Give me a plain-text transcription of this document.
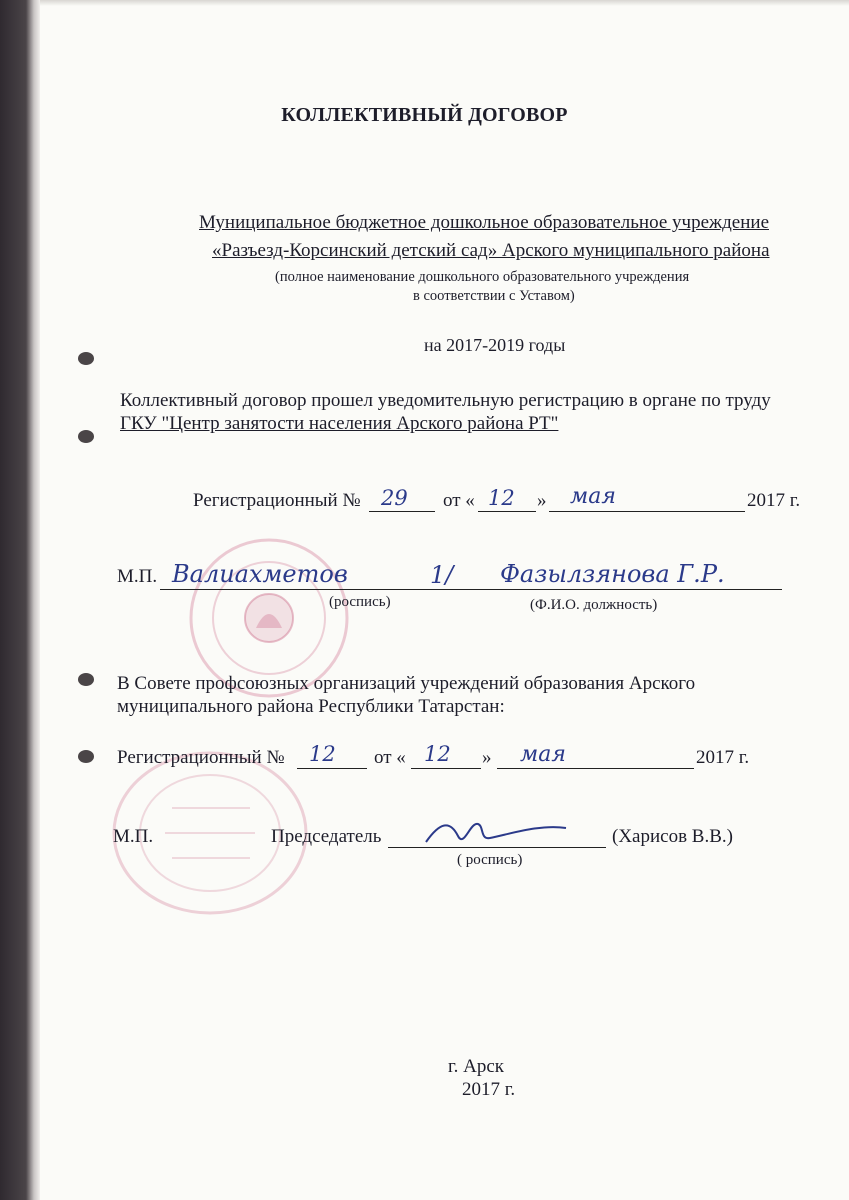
КОЛЛЕКТИВНЫЙ ДОГОВОР
Муниципальное бюджетное дошкольное образовательное учреждение
«Разъезд-Корсинский детский сад» Арского муниципального района
(полное наименование дошкольного образовательного учреждения
в соответствии с Уставом)
на 2017-2019 годы
Коллективный договор прошел уведомительную регистрацию в органе по труду
ГКУ "Центр занятости населения Арского района РТ"
Регистрационный № 29 от « 12 » мая	2017 г.
М.П. Валиахметов	1/ Фазылзянова Г.Р.
(роспись)	(Ф.И.О. должность)
В Совете профсоюзных организаций учреждений образования Арского
муниципального района Республики Татарстан:
Регистрационный № 12 от « 12 » мая	2017 г.
М.П.	Председатель	(Харисов В.В.)
( роспись)
г. Арск
2017 г.
